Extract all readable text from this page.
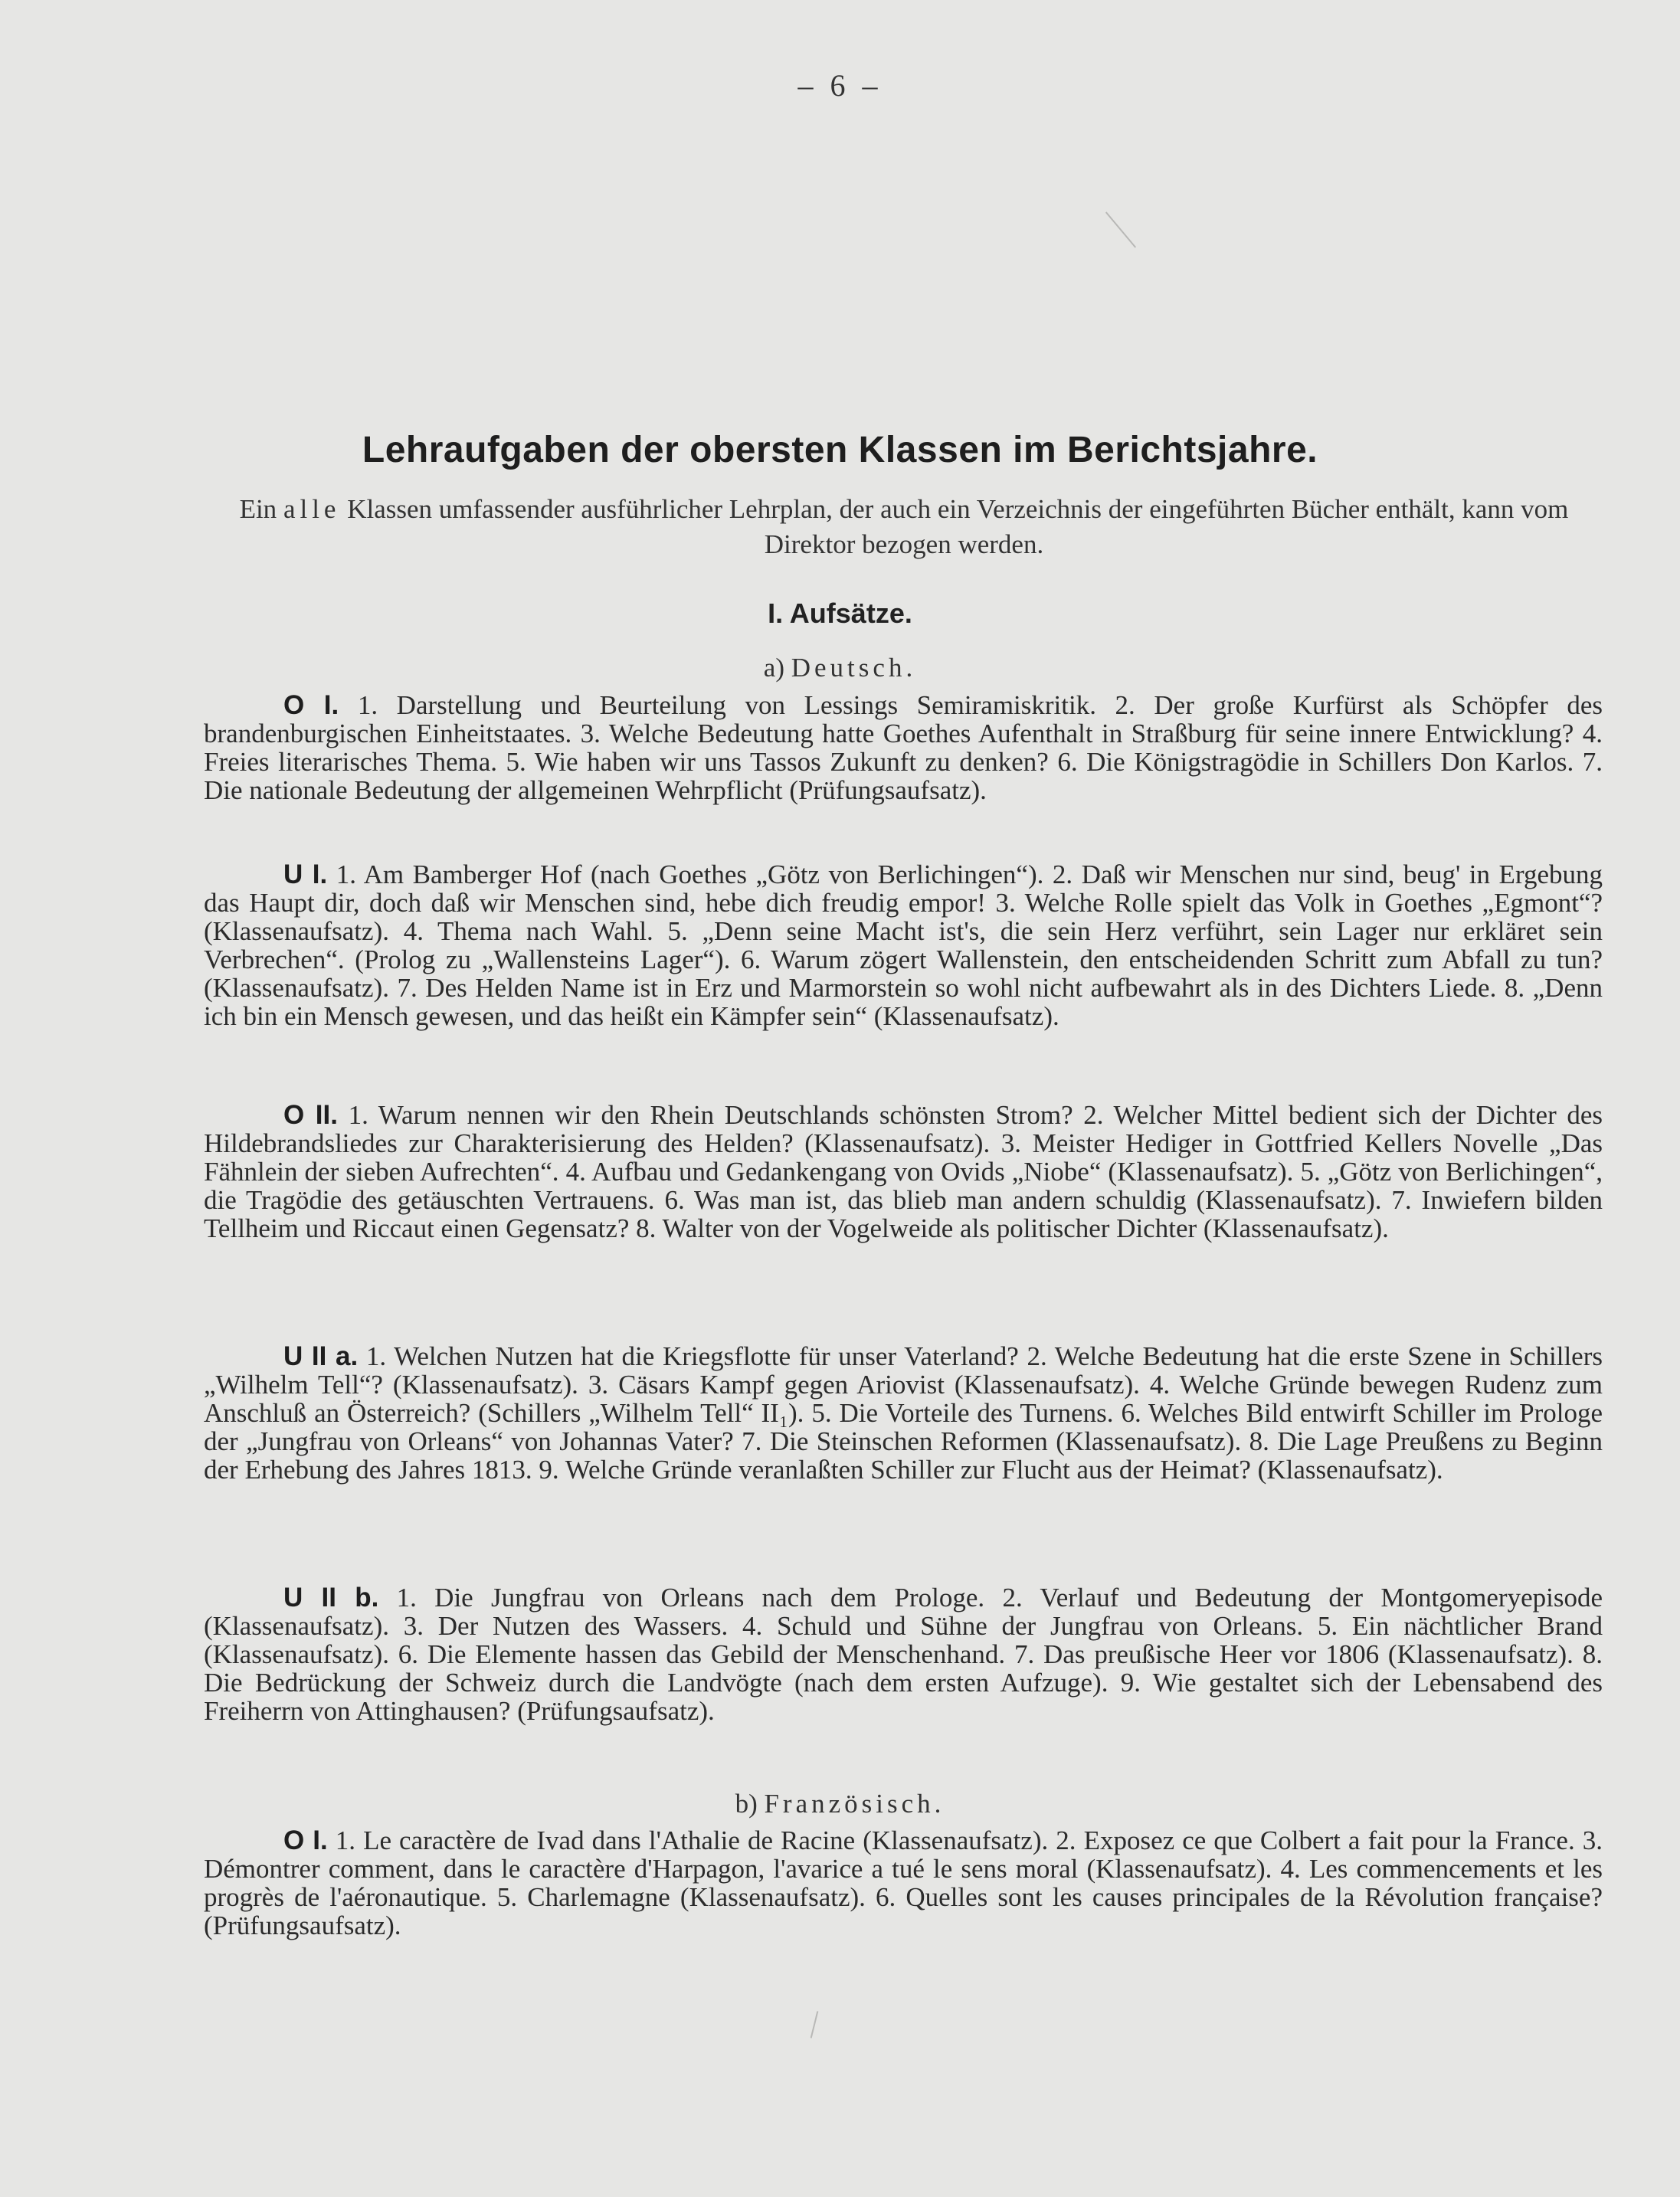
– 6 –
Lehraufgaben der obersten Klassen im Berichtsjahre.
Ein alle Klassen umfassender ausführlicher Lehrplan, der auch ein Verzeichnis der eingeführten Bücher enthält, kann vom Direktor bezogen werden.
I. Aufsätze.
a) Deutsch.
O I. 1. Darstellung und Beurteilung von Lessings Semiramiskritik. 2. Der große Kurfürst als Schöpfer des brandenburgischen Einheitstaates. 3. Welche Bedeutung hatte Goethes Aufenthalt in Straßburg für seine innere Entwicklung? 4. Freies literarisches Thema. 5. Wie haben wir uns Tassos Zukunft zu denken? 6. Die Königstragödie in Schillers Don Karlos. 7. Die nationale Bedeutung der allgemeinen Wehrpflicht (Prüfungsaufsatz).
U I. 1. Am Bamberger Hof (nach Goethes „Götz von Berlichingen“). 2. Daß wir Menschen nur sind, beug' in Ergebung das Haupt dir, doch daß wir Menschen sind, hebe dich freudig empor! 3. Welche Rolle spielt das Volk in Goethes „Egmont“? (Klassenaufsatz). 4. Thema nach Wahl. 5. „Denn seine Macht ist's, die sein Herz verführt, sein Lager nur erkläret sein Verbrechen“. (Prolog zu „Wallensteins Lager“). 6. Warum zögert Wallenstein, den entscheidenden Schritt zum Abfall zu tun? (Klassenaufsatz). 7. Des Helden Name ist in Erz und Marmorstein so wohl nicht aufbewahrt als in des Dichters Liede. 8. „Denn ich bin ein Mensch gewesen, und das heißt ein Kämpfer sein“ (Klassenaufsatz).
O II. 1. Warum nennen wir den Rhein Deutschlands schönsten Strom? 2. Welcher Mittel bedient sich der Dichter des Hildebrandsliedes zur Charakterisierung des Helden? (Klassenaufsatz). 3. Meister Hediger in Gottfried Kellers Novelle „Das Fähnlein der sieben Aufrechten“. 4. Aufbau und Gedankengang von Ovids „Niobe“ (Klassenaufsatz). 5. „Götz von Berlichingen“, die Tragödie des getäuschten Vertrauens. 6. Was man ist, das blieb man andern schuldig (Klassenaufsatz). 7. Inwiefern bilden Tellheim und Riccaut einen Gegensatz? 8. Walter von der Vogelweide als politischer Dichter (Klassenaufsatz).
U II a. 1. Welchen Nutzen hat die Kriegsflotte für unser Vaterland? 2. Welche Bedeutung hat die erste Szene in Schillers „Wilhelm Tell“? (Klassenaufsatz). 3. Cäsars Kampf gegen Ariovist (Klassenaufsatz). 4. Welche Gründe bewegen Rudenz zum Anschluß an Österreich? (Schillers „Wilhelm Tell“ II₁). 5. Die Vorteile des Turnens. 6. Welches Bild entwirft Schiller im Prologe der „Jungfrau von Orleans“ von Johannas Vater? 7. Die Steinschen Reformen (Klassenaufsatz). 8. Die Lage Preußens zu Beginn der Erhebung des Jahres 1813. 9. Welche Gründe veranlaßten Schiller zur Flucht aus der Heimat? (Klassenaufsatz).
U II b. 1. Die Jungfrau von Orleans nach dem Prologe. 2. Verlauf und Bedeutung der Montgomeryepisode (Klassenaufsatz). 3. Der Nutzen des Wassers. 4. Schuld und Sühne der Jungfrau von Orleans. 5. Ein nächtlicher Brand (Klassenaufsatz). 6. Die Elemente hassen das Gebild der Menschenhand. 7. Das preußische Heer vor 1806 (Klassenaufsatz). 8. Die Bedrückung der Schweiz durch die Landvögte (nach dem ersten Aufzuge). 9. Wie gestaltet sich der Lebensabend des Freiherrn von Attinghausen? (Prüfungsaufsatz).
b) Französisch.
O I. 1. Le caractère de Ivad dans l'Athalie de Racine (Klassenaufsatz). 2. Exposez ce que Colbert a fait pour la France. 3. Démontrer comment, dans le caractère d'Harpagon, l'avarice a tué le sens moral (Klassenaufsatz). 4. Les commencements et les progrès de l'aéronautique. 5. Charlemagne (Klassenaufsatz). 6. Quelles sont les causes principales de la Révolution française? (Prüfungsaufsatz).
